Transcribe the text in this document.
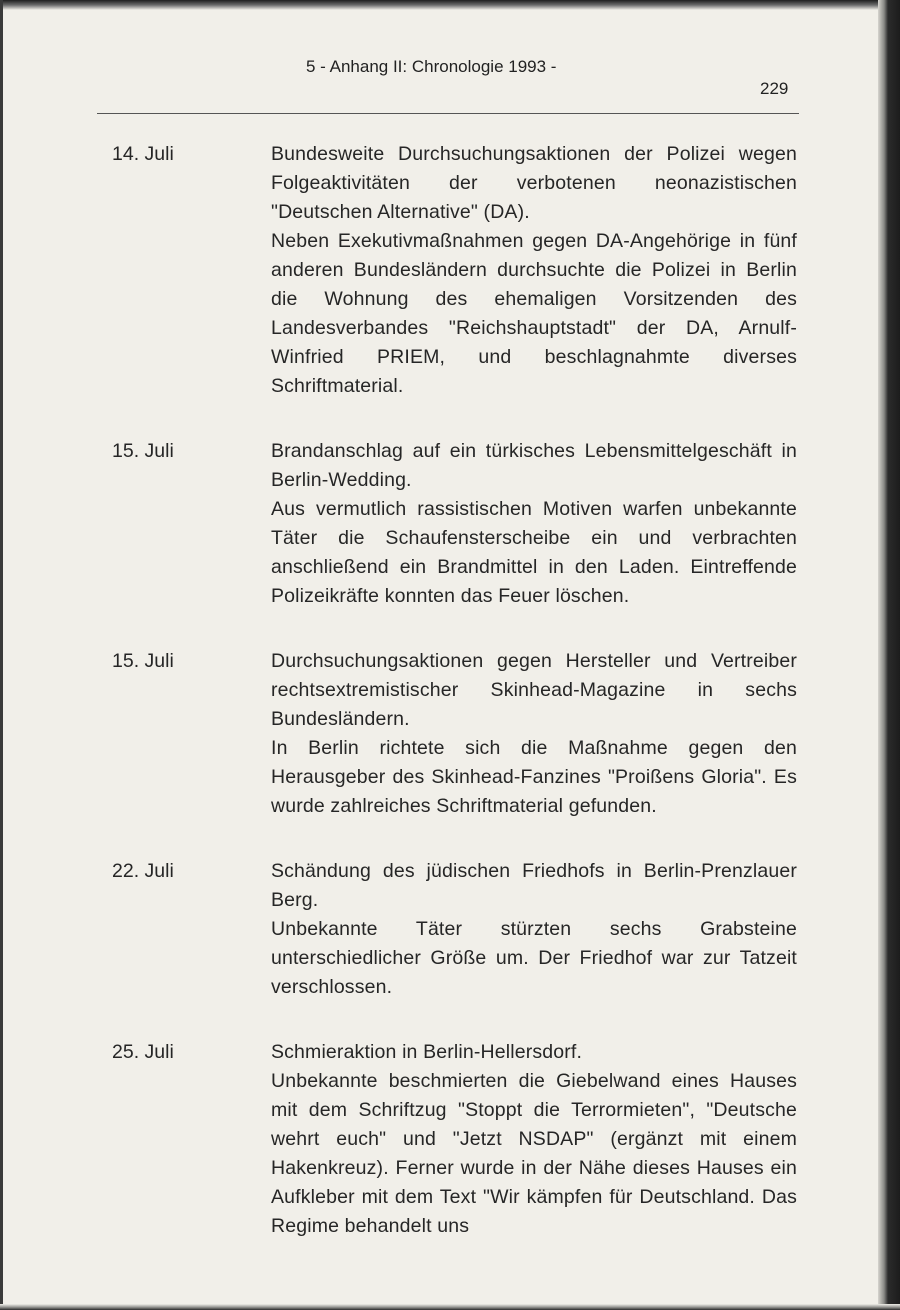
5 - Anhang II: Chronologie 1993 -
229
14. Juli	Bundesweite Durchsuchungsaktionen der Polizei wegen Folgeaktivitäten der verbotenen neonazistischen "Deutschen Alternative" (DA).

Neben Exekutivmaßnahmen gegen DA-Angehörige in fünf anderen Bundesländern durchsuchte die Polizei in Berlin die Wohnung des ehemaligen Vorsitzenden des Landesverbandes "Reichshauptstadt" der DA, Arnulf-Winfried PRIEM, und beschlagnahmte diverses Schriftmaterial.

15. Juli	Brandanschlag auf ein türkisches Lebensmittelgeschäft in Berlin-Wedding.

Aus vermutlich rassistischen Motiven warfen unbekannte Täter die Schaufensterscheibe ein und verbrachten anschließend ein Brandmittel in den Laden. Eintreffende Polizeikräfte konnten das Feuer löschen.

15. Juli	Durchsuchungsaktionen gegen Hersteller und Vertreiber rechtsextremistischer Skinhead-Magazine in sechs Bundesländern.

In Berlin richtete sich die Maßnahme gegen den Herausgeber des Skinhead-Fanzines "Proißens Gloria". Es wurde zahlreiches Schriftmaterial gefunden.

22. Juli	Schändung des jüdischen Friedhofs in Berlin-Prenzlauer Berg.

Unbekannte Täter stürzten sechs Grabsteine unterschiedlicher Größe um. Der Friedhof war zur Tatzeit verschlossen.

25. Juli	Schmieraktion in Berlin-Hellersdorf.

Unbekannte beschmierten die Giebelwand eines Hauses mit dem Schriftzug "Stoppt die Terrormieten", "Deutsche wehrt euch" und "Jetzt NSDAP" (ergänzt mit einem Hakenkreuz). Ferner wurde in der Nähe dieses Hauses ein Aufkleber mit dem Text "Wir kämpfen für Deutschland. Das Regime behandelt uns
